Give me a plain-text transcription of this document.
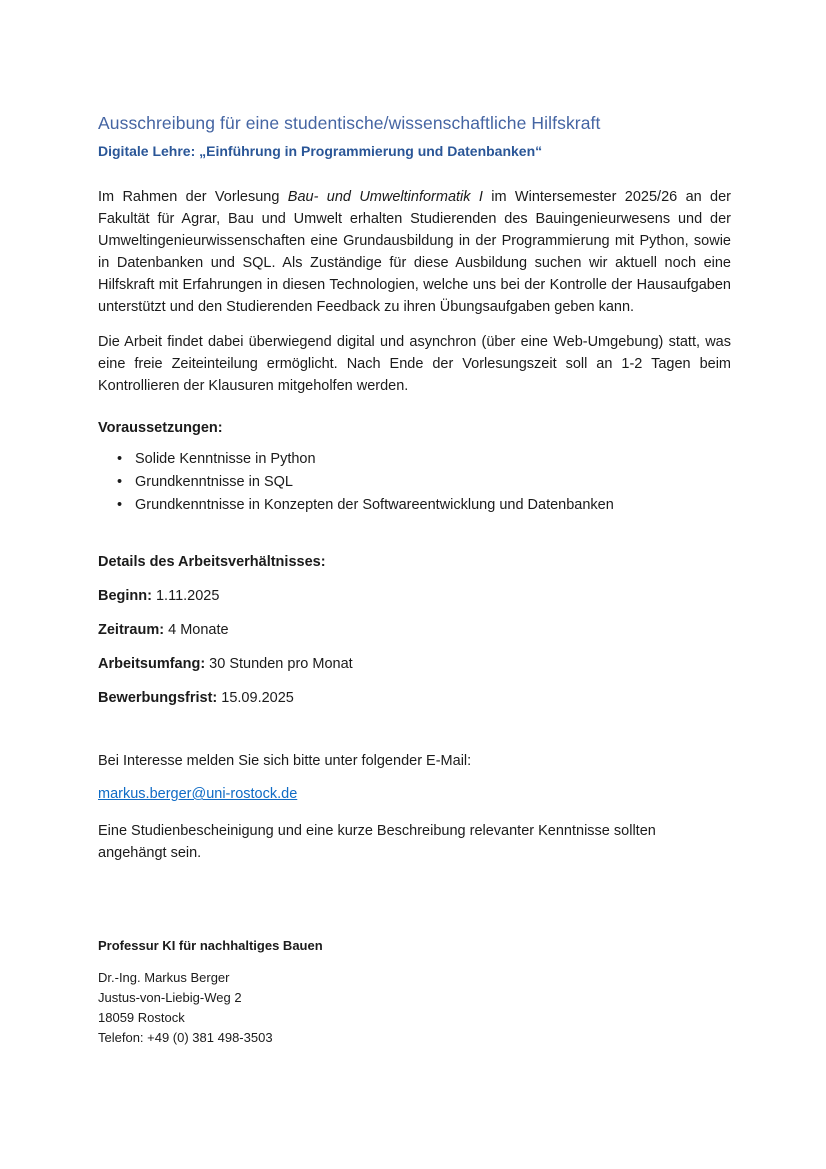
Ausschreibung für eine studentische/wissenschaftliche Hilfskraft
Digitale Lehre: „Einführung in Programmierung und Datenbanken“

Im Rahmen der Vorlesung Bau- und Umweltinformatik I im Wintersemester 2025/26 an der Fakultät für Agrar, Bau und Umwelt erhalten Studierenden des Bauingenieurwesens und der Umweltingenieurwissenschaften eine Grundausbildung in der Programmierung mit Python, sowie in Datenbanken und SQL. Als Zuständige für diese Ausbildung suchen wir aktuell noch eine Hilfskraft mit Erfahrungen in diesen Technologien, welche uns bei der Kontrolle der Hausaufgaben unterstützt und den Studierenden Feedback zu ihren Übungsaufgaben geben kann.

Die Arbeit findet dabei überwiegend digital und asynchron (über eine Web-Umgebung) statt, was eine freie Zeiteinteilung ermöglicht. Nach Ende der Vorlesungszeit soll an 1-2 Tagen beim Kontrollieren der Klausuren mitgeholfen werden.

Voraussetzungen:

• Solide Kenntnisse in Python
• Grundkenntnisse in SQL
• Grundkenntnisse in Konzepten der Softwareentwicklung und Datenbanken

Details des Arbeitsverhältnisses:

Beginn: 1.11.2025

Zeitraum: 4 Monate

Arbeitsumfang: 30 Stunden pro Monat

Bewerbungsfrist: 15.09.2025

Bei Interesse melden Sie sich bitte unter folgender E-Mail:

markus.berger@uni-rostock.de

Eine Studienbescheinigung und eine kurze Beschreibung relevanter Kenntnisse sollten angehängt sein.

Professur KI für nachhaltiges Bauen

Dr.-Ing. Markus Berger
Justus-von-Liebig-Weg 2
18059 Rostock
Telefon: +49 (0) 381 498-3503
